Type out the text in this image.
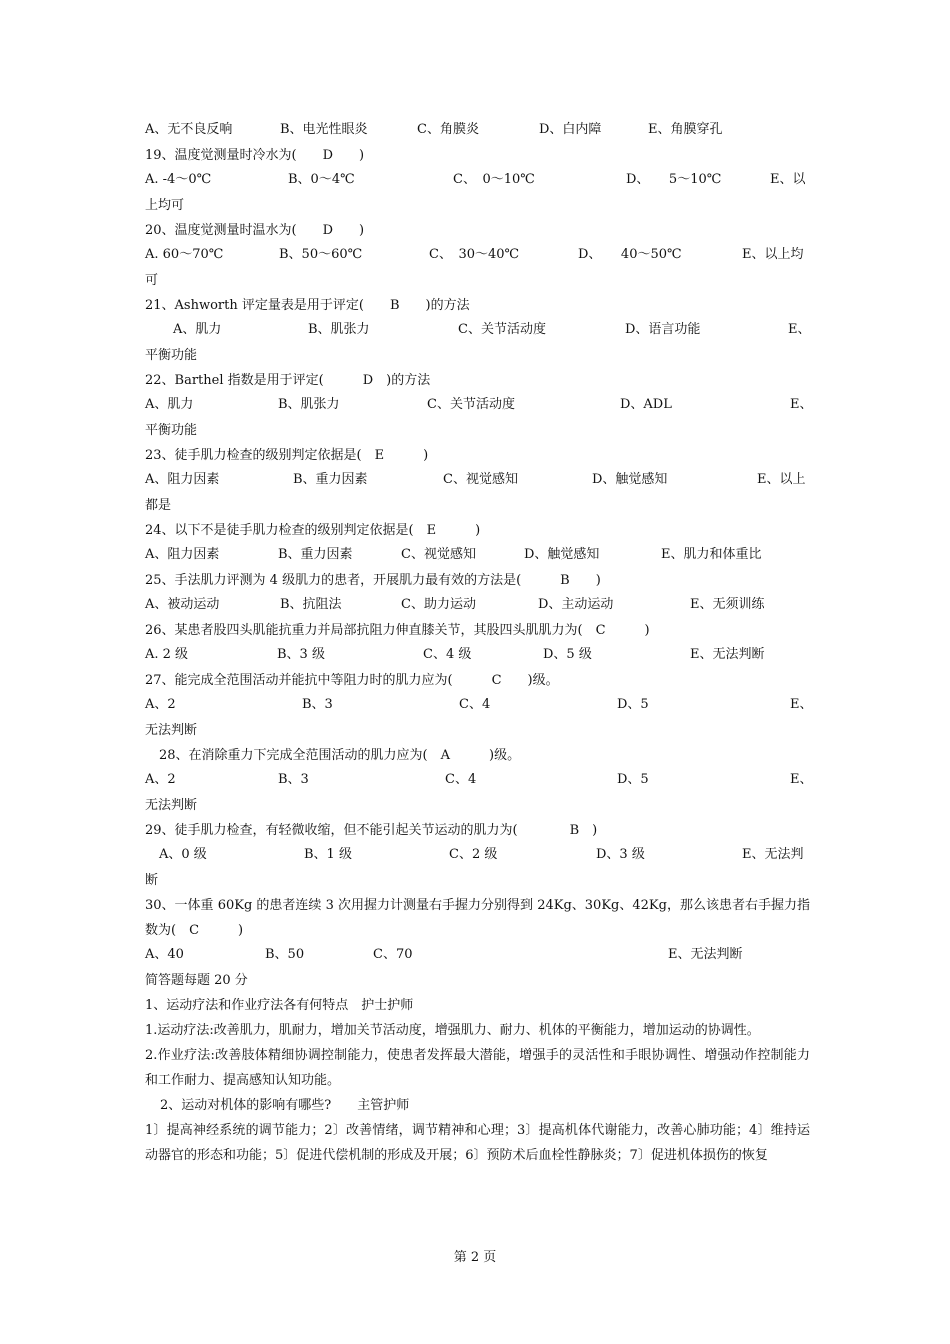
A、无不良反响	B、电光性眼炎	C、角膜炎	D、白内障	E、角膜穿孔
19、温度觉测量时冷水为(　　D　　)
A. -4～0℃	B、0～4℃	C、　0～10℃	D、　　5～10℃	E、以
上均可
20、温度觉测量时温水为(　　D　　)
A. 60～70℃	B、50～60℃	C、　30～40℃	D、　　40～50℃	E、以上均
可
21、Ashworth 评定量表是用于评定(　　B　　)的方法
A、肌力	B、肌张力	C、关节活动度	D、语言功能	E、
平衡功能
22、Barthel 指数是用于评定(　　　D　)的方法
A、肌力	B、肌张力	C、关节活动度	D、ADL	E、
平衡功能
23、徒手肌力检查的级别判定依据是(　E　　　)
A、阻力因素	B、重力因素	C、视觉感知	D、触觉感知	E、以上
都是
24、以下不是徒手肌力检查的级别判定依据是(　E　　　)
A、阻力因素	B、重力因素	C、视觉感知	D、触觉感知	E、肌力和体重比
25、手法肌力评测为 4 级肌力的患者，开展肌力最有效的方法是(　　　B　　)
A、被动运动	B、抗阻法	C、助力运动	D、主动运动	E、无须训练
26、某患者股四头肌能抗重力并局部抗阻力伸直膝关节，其股四头肌肌力为(　C　　　)
A. 2 级	B、3 级	C、4 级	D、5 级	E、无法判断
27、能完成全范围活动并能抗中等阻力时的肌力应为(　　　C　　)级。
A、2	B、3	C、4	D、5	E、
无法判断
28、在消除重力下完成全范围活动的肌力应为(　A　　　)级。
A、2	B、3	C、4	D、5	E、
无法判断
29、徒手肌力检查，有轻微收缩，但不能引起关节运动的肌力为(　　　　B　)
A、0 级	B、1 级	C、2 级	D、3 级	E、无法判
断
30、一体重 60Kg 的患者连续 3 次用握力计测量右手握力分别得到 24Kg、30Kg、42Kg，那么该患者右手握力指数为(　C　　　)
A、40	B、50	C、70	E、无法判断
简答题每题 20 分
1、运动疗法和作业疗法各有何特点　护士护师
1.运动疗法:改善肌力，肌耐力，增加关节活动度，增强肌力、耐力、机体的平衡能力，增加运动的协调性。
2.作业疗法:改善肢体精细协调控制能力，使患者发挥最大潜能，增强手的灵活性和手眼协调性、增强动作控制能力和工作耐力、提高感知认知功能。
2、运动对机体的影响有哪些?　　主管护师
1〕提高神经系统的调节能力；2〕改善情绪，调节精神和心理；3〕提高机体代谢能力，改善心肺功能；4〕维持运动器官的形态和功能；5〕促进代偿机制的形成及开展；6〕预防术后血栓性静脉炎；7〕促进机体损伤的恢复
第 2 页
